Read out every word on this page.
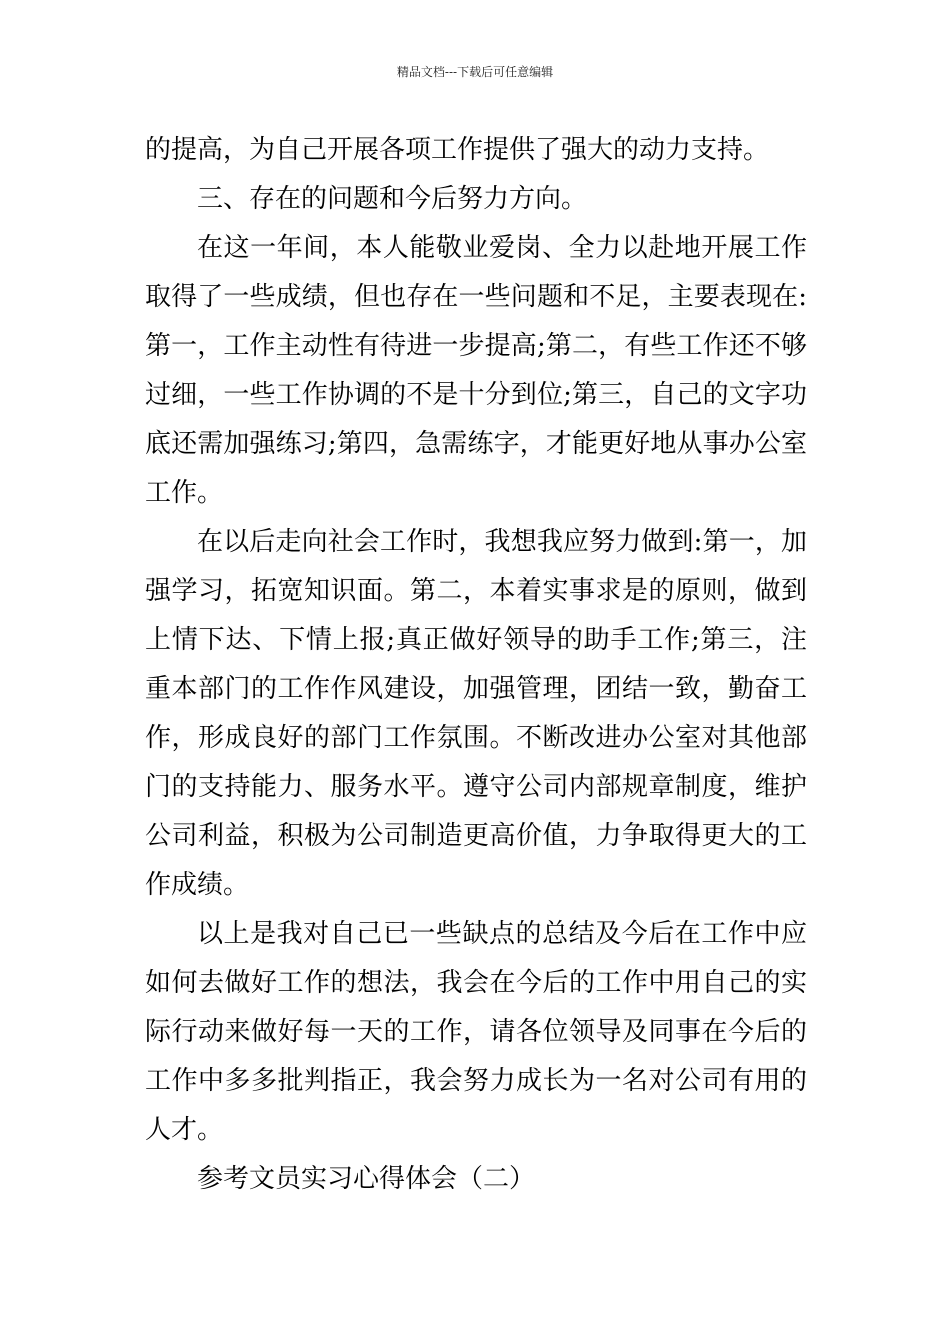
精品文档---下载后可任意编辑

的提高，为自己开展各项工作提供了强大的动力支持。

三、存在的问题和今后努力方向。

在这一年间，本人能敬业爱岗、全力以赴地开展工作取得了一些成绩，但也存在一些问题和不足，主要表现在:第一，工作主动性有待进一步提高;第二，有些工作还不够过细，一些工作协调的不是十分到位;第三，自己的文字功底还需加强练习;第四，急需练字，才能更好地从事办公室工作。

在以后走向社会工作时，我想我应努力做到:第一，加强学习，拓宽知识面。第二，本着实事求是的原则，做到上情下达、下情上报;真正做好领导的助手工作;第三，注重本部门的工作作风建设，加强管理，团结一致，勤奋工作，形成良好的部门工作氛围。不断改进办公室对其他部门的支持能力、服务水平。遵守公司内部规章制度，维护公司利益，积极为公司制造更高价值，力争取得更大的工作成绩。

以上是我对自己已一些缺点的总结及今后在工作中应如何去做好工作的想法，我会在今后的工作中用自己的实际行动来做好每一天的工作，请各位领导及同事在今后的工作中多多批判指正，我会努力成长为一名对公司有用的人才。

参考文员实习心得体会（二）
